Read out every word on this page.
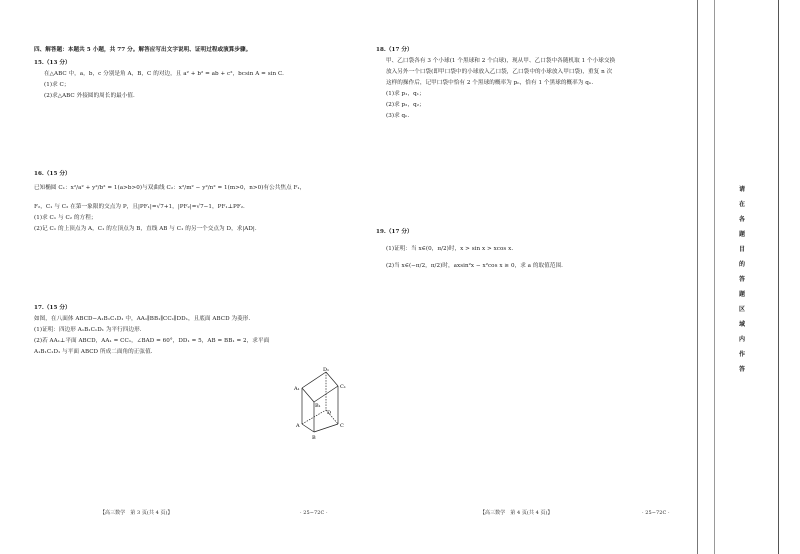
四、解答题：本题共 5 小题，共 77 分。解答应写出文字说明、证明过程或演算步骤。
15.（13 分）
在△ABC 中，a，b，c 分别是角 A，B，C 的对边，且 a² + b² = ab + c²，bcsin A = sin C.
(1)求 C；
(2)求△ABC 外接圆的周长的最小值.
16.（15 分）
已知椭圆 C₁：x²/a² + y²/b² = 1(a>b>0)与双曲线 C₂：x²/m² − y²/n² = 1(m>0，n>0)有公共焦点 F₁，
F₂，C₁ 与 C₂ 在第一象限的交点为 P，且|PF₁|=√7+1，|PF₂|=√7−1，PF₁⊥PF₂.
(1)求 C₁ 与 C₂ 的方程；
(2)记 C₁ 的上顶点为 A，C₁ 的左顶点为 B，直线 AB 与 C₁ 的另一个交点为 D，求|AD|.
17.（15 分）
如图，在八面体 ABCD−A₁B₁C₁D₁ 中，AA₁∥BB₁∥CC₁∥DD₁，且底面 ABCD 为菱形.
(1)证明：四边形 A₁B₁C₁D₁ 为平行四边形.
(2)若 AA₁⊥平面 ABCD，AA₁ = CC₁，∠BAD = 60°，DD₁ = 5，AB = BB₁ = 2，求平面
A₁B₁C₁D₁ 与平面 ABCD 所成二面角的正弦值.
D₁
A₁	C₁
B₁
D
A	C
B
【高三数学　第 3 页(共 4 页)】	· 25−72C ·
18.（17 分）
甲、乙口袋各有 3 个小球(1 个黑球和 2 个白球)，现从甲、乙口袋中各随机取 1 个小球交换
放入另外一个口袋(即甲口袋中的小球放入乙口袋，乙口袋中的小球放入甲口袋)，重复 n 次
这样的操作后，记甲口袋中恰有 2 个黑球的概率为 pₙ，恰有 1 个黑球的概率为 qₙ.
(1)求 p₁，q₁；
(2)求 p₂，q₂；
(3)求 qₙ.
19.（17 分）
(1)证明：当 x∈(0，π/2)时，x > sin x > xcos x.
(2)当 x∈(−π/2，π/2)时，axsin²x − x²cos x ≥ 0，求 a 的取值范围.
【高三数学　第 4 页(共 4 页)】	· 25−72C ·
请
在
各
题
目
的
答
题
区
域
内
作
答
